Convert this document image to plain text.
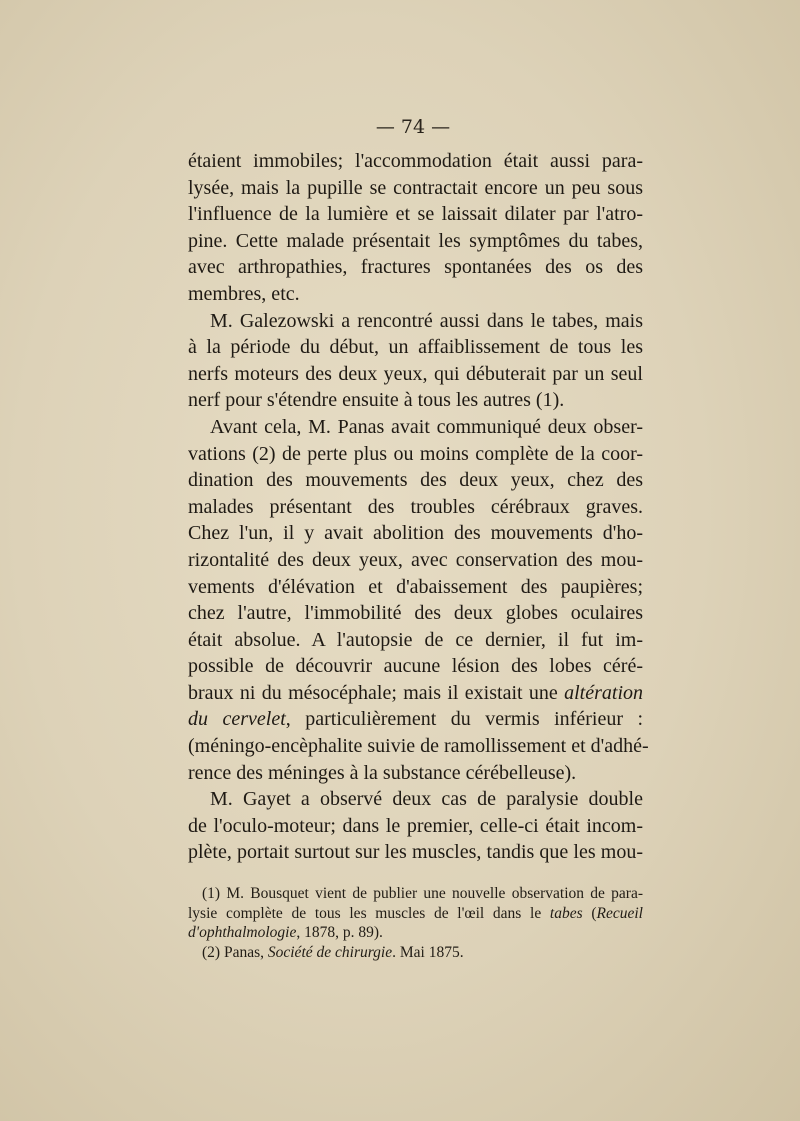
— 74 —
étaient immobiles; l'accommodation était aussi para-
lysée, mais la pupille se contractait encore un peu sous
l'influence de la lumière et se laissait dilater par l'atro-
pine. Cette malade présentait les symptômes du tabes,
avec arthropathies, fractures spontanées des os des
membres, etc.
M. Galezowski a rencontré aussi dans le tabes, mais
à la période du début, un affaiblissement de tous les
nerfs moteurs des deux yeux, qui débuterait par un seul
nerf pour s'étendre ensuite à tous les autres (1).
Avant cela, M. Panas avait communiqué deux obser-
vations (2) de perte plus ou moins complète de la coor-
dination des mouvements des deux yeux, chez des
malades présentant des troubles cérébraux graves.
Chez l'un, il y avait abolition des mouvements d'ho-
rizontalité des deux yeux, avec conservation des mou-
vements d'élévation et d'abaissement des paupières;
chez l'autre, l'immobilité des deux globes oculaires
était absolue. A l'autopsie de ce dernier, il fut im-
possible de découvrir aucune lésion des lobes céré-
braux ni du mésocéphale; mais il existait une altération
du cervelet, particulièrement du vermis inférieur :
(méningo-encèphalite suivie de ramollissement et d'adhé-
rence des méninges à la substance cérébelleuse).
M. Gayet a observé deux cas de paralysie double
de l'oculo-moteur; dans le premier, celle-ci était incom-
plète, portait surtout sur les muscles, tandis que les mou-
(1) M. Bousquet vient de publier une nouvelle observation de para-
lysie complète de tous les muscles de l'œil dans le tabes (Recueil
d'ophthalmologie, 1878, p. 89).
(2) Panas, Société de chirurgie. Mai 1875.
